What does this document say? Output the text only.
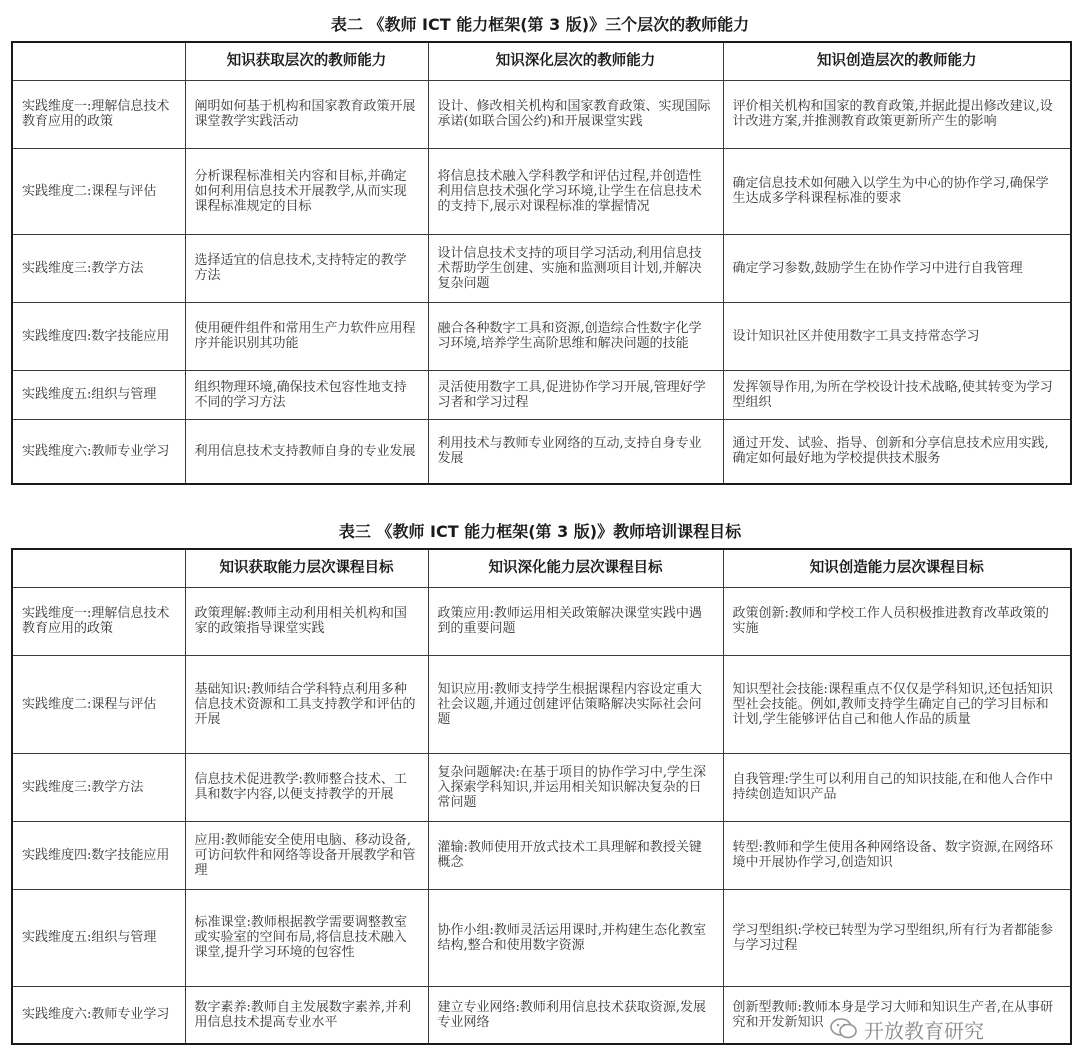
表二 《教师 ICT 能力框架(第 3 版)》三个层次的教师能力
	知识获取层次的教师能力	知识深化层次的教师能力	知识创造层次的教师能力
实践维度一:理解信息技术教育应用的政策	阐明如何基于机构和国家教育政策开展课堂教学实践活动	设计、修改相关机构和国家教育政策、实现国际承诺(如联合国公约)和开展课堂实践	评价相关机构和国家的教育政策,并据此提出修改建议,设计改进方案,并推测教育政策更新所产生的影响
实践维度二:课程与评估	分析课程标准相关内容和目标,并确定如何利用信息技术开展教学,从而实现课程标准规定的目标	将信息技术融入学科教学和评估过程,并创造性利用信息技术强化学习环境,让学生在信息技术的支持下,展示对课程标准的掌握情况	确定信息技术如何融入以学生为中心的协作学习,确保学生达成多学科课程标准的要求
实践维度三:教学方法	选择适宜的信息技术,支持特定的教学方法	设计信息技术支持的项目学习活动,利用信息技术帮助学生创建、实施和监测项目计划,并解决复杂问题	确定学习参数,鼓励学生在协作学习中进行自我管理
实践维度四:数字技能应用	使用硬件组件和常用生产力软件应用程序并能识别其功能	融合各种数字工具和资源,创造综合性数字化学习环境,培养学生高阶思维和解决问题的技能	设计知识社区并使用数字工具支持常态学习
实践维度五:组织与管理	组织物理环境,确保技术包容性地支持不同的学习方法	灵活使用数字工具,促进协作学习开展,管理好学习者和学习过程	发挥领导作用,为所在学校设计技术战略,使其转变为学习型组织
实践维度六:教师专业学习	利用信息技术支持教师自身的专业发展	利用技术与教师专业网络的互动,支持自身专业发展	通过开发、试验、指导、创新和分享信息技术应用实践,确定如何最好地为学校提供技术服务
表三 《教师 ICT 能力框架(第 3 版)》教师培训课程目标
	知识获取能力层次课程目标	知识深化能力层次课程目标	知识创造能力层次课程目标
实践维度一:理解信息技术教育应用的政策	政策理解:教师主动利用相关机构和国家的政策指导课堂实践	政策应用:教师运用相关政策解决课堂实践中遇到的重要问题	政策创新:教师和学校工作人员积极推进教育改革政策的实施
实践维度二:课程与评估	基础知识:教师结合学科特点利用多种信息技术资源和工具支持教学和评估的开展	知识应用:教师支持学生根据课程内容设定重大社会议题,并通过创建评估策略解决实际社会问题	知识型社会技能:课程重点不仅仅是学科知识,还包括知识型社会技能。例如,教师支持学生确定自己的学习目标和计划,学生能够评估自己和他人作品的质量
实践维度三:教学方法	信息技术促进教学:教师整合技术、工具和数字内容,以便支持教学的开展	复杂问题解决:在基于项目的协作学习中,学生深入探索学科知识,并运用相关知识解决复杂的日常问题	自我管理:学生可以利用自己的知识技能,在和他人合作中持续创造知识产品
实践维度四:数字技能应用	应用:教师能安全使用电脑、移动设备,可访问软件和网络等设备开展教学和管理	灌输:教师使用开放式技术工具理解和教授关键概念	转型:教师和学生使用各种网络设备、数字资源,在网络环境中开展协作学习,创造知识
实践维度五:组织与管理	标准课堂:教师根据教学需要调整教室或实验室的空间布局,将信息技术融入课堂,提升学习环境的包容性	协作小组:教师灵活运用课时,并构建生态化教室结构,整合和使用数字资源	学习型组织:学校已转型为学习型组织,所有行为者都能参与学习过程
实践维度六:教师专业学习	数字素养:教师自主发展数字素养,并利用信息技术提高专业水平	建立专业网络:教师利用信息技术获取资源,发展专业网络	创新型教师:教师本身是学习大师和知识生产者,在从事研究和开发新知识 开放教育研究
